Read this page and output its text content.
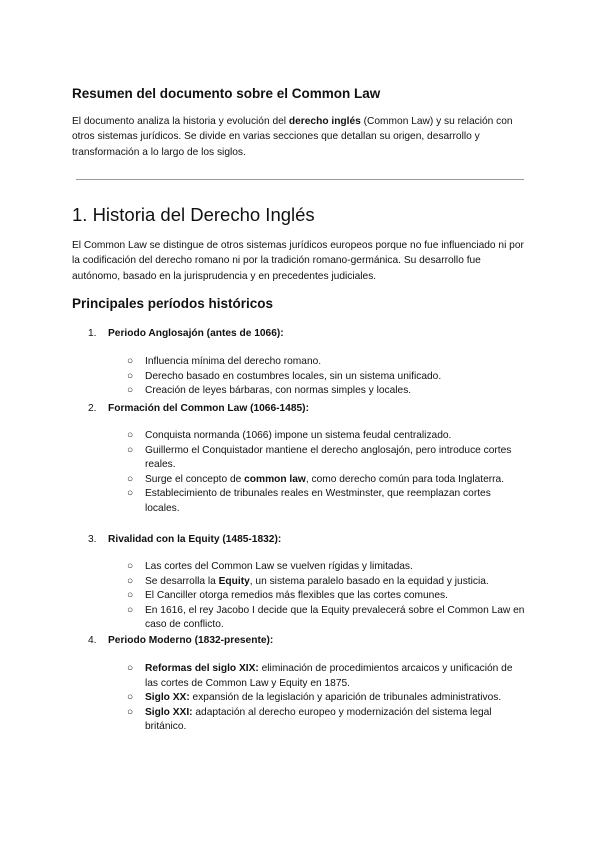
Resumen del documento sobre el Common Law

El documento analiza la historia y evolución del derecho inglés (Common Law) y su relación con otros sistemas jurídicos. Se divide en varias secciones que detallan su origen, desarrollo y transformación a lo largo de los siglos.

1. Historia del Derecho Inglés

El Common Law se distingue de otros sistemas jurídicos europeos porque no fue influenciado ni por la codificación del derecho romano ni por la tradición romano-germánica. Su desarrollo fue autónomo, basado en la jurisprudencia y en precedentes judiciales.

Principales períodos históricos
1. Periodo Anglosajón (antes de 1066):
○ Influencia mínima del derecho romano.
○ Derecho basado en costumbres locales, sin un sistema unificado.
○ Creación de leyes bárbaras, con normas simples y locales.
2. Formación del Common Law (1066-1485):
○ Conquista normanda (1066) impone un sistema feudal centralizado.
○ Guillermo el Conquistador mantiene el derecho anglosajón, pero introduce cortes reales.
○ Surge el concepto de common law, como derecho común para toda Inglaterra.
○ Establecimiento de tribunales reales en Westminster, que reemplazan cortes locales.
3. Rivalidad con la Equity (1485-1832):
○ Las cortes del Common Law se vuelven rígidas y limitadas.
○ Se desarrolla la Equity, un sistema paralelo basado en la equidad y justicia.
○ El Canciller otorga remedios más flexibles que las cortes comunes.
○ En 1616, el rey Jacobo I decide que la Equity prevalecerá sobre el Common Law en caso de conflicto.
4. Periodo Moderno (1832-presente):
○ Reformas del siglo XIX: eliminación de procedimientos arcaicos y unificación de las cortes de Common Law y Equity en 1875.
○ Siglo XX: expansión de la legislación y aparición de tribunales administrativos.
○ Siglo XXI: adaptación al derecho europeo y modernización del sistema legal británico.
